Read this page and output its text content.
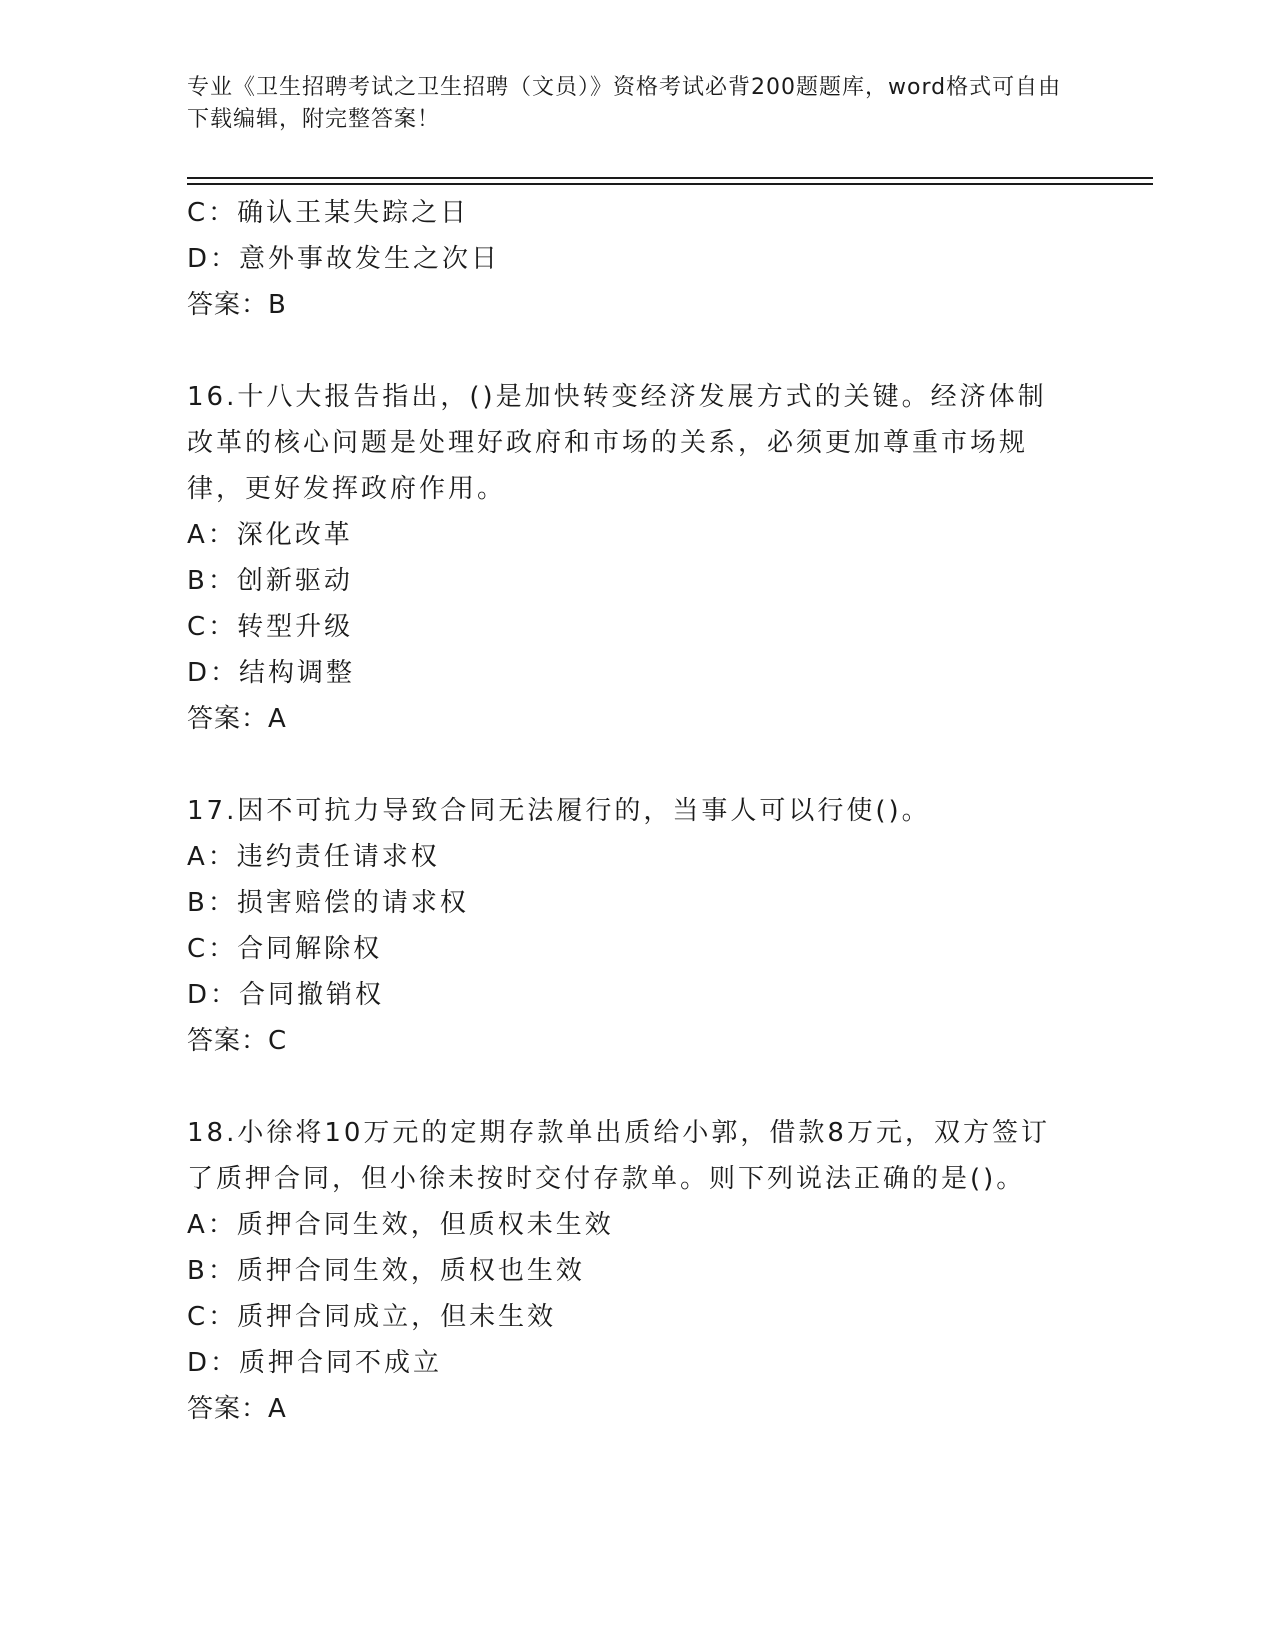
专业《卫生招聘考试之卫生招聘（文员）》资格考试必背200题题库，word格式可自由下载编辑，附完整答案！
C：确认王某失踪之日
D：意外事故发生之次日
答案：B
16.十八大报告指出，()是加快转变经济发展方式的关键。经济体制改革的核心问题是处理好政府和市场的关系，必须更加尊重市场规律，更好发挥政府作用。
A：深化改革
B：创新驱动
C：转型升级
D：结构调整
答案：A
17.因不可抗力导致合同无法履行的，当事人可以行使()。
A：违约责任请求权
B：损害赔偿的请求权
C：合同解除权
D：合同撤销权
答案：C
18.小徐将10万元的定期存款单出质给小郭，借款8万元，双方签订了质押合同，但小徐未按时交付存款单。则下列说法正确的是()。
A：质押合同生效，但质权未生效
B：质押合同生效，质权也生效
C：质押合同成立，但未生效
D：质押合同不成立
答案：A
